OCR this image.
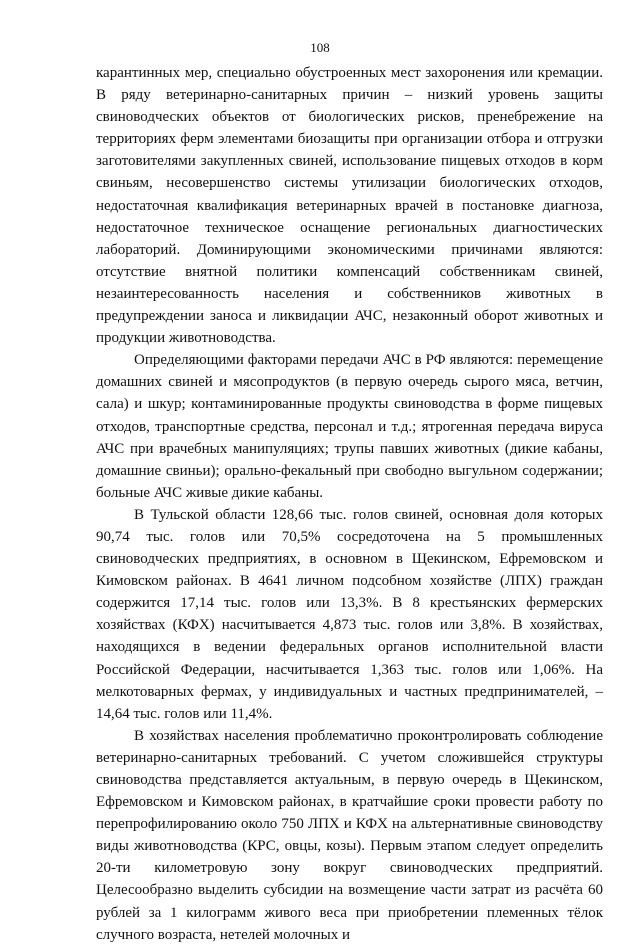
108

карантинных мер, специально обустроенных мест захоронения или кремации. В ряду ветеринарно-санитарных причин – низкий уровень защиты свиноводческих объектов от биологических рисков, пренебрежение на территориях ферм элементами биозащиты при организации отбора и отгрузки заготовителями закупленных свиней, использование пищевых отходов в корм свиньям, несовершенство системы утилизации биологических отходов, недостаточная квалификация ветеринарных врачей в постановке диагноза, недостаточное техническое оснащение региональных диагностических лабораторий. Доминирующими экономическими причинами являются: отсутствие внятной политики компенсаций собственникам свиней, незаинтересованность населения и собственников животных в предупреждении заноса и ликвидации АЧС, незаконный оборот животных и продукции животноводства.

Определяющими факторами передачи АЧС в РФ являются: перемещение домашних свиней и мясопродуктов (в первую очередь сырого мяса, ветчин, сала) и шкур; контаминированные продукты свиноводства в форме пищевых отходов, транспортные средства, персонал и т.д.; ятрогенная передача вируса АЧС при врачебных манипуляциях; трупы павших животных (дикие кабаны, домашние свиньи); орально-фекальный при свободно выгульном содержании; больные АЧС живые дикие кабаны.

В Тульской области 128,66 тыс. голов свиней, основная доля которых 90,74 тыс. голов или 70,5% сосредоточена на 5 промышленных свиноводческих предприятиях, в основном в Щекинском, Ефремовском и Кимовском районах. В 4641 личном подсобном хозяйстве (ЛПХ) граждан содержится 17,14 тыс. голов или 13,3%. В 8 крестьянских фермерских хозяйствах (КФХ) насчитывается 4,873 тыс. голов или 3,8%. В хозяйствах, находящихся в ведении федеральных органов исполнительной власти Российской Федерации, насчитывается 1,363 тыс. голов или 1,06%. На мелкотоварных фермах, у индивидуальных и частных предпринимателей, – 14,64 тыс. голов или 11,4%.

В хозяйствах населения проблематично проконтролировать соблюдение ветеринарно-санитарных требований. С учетом сложившейся структуры свиноводства представляется актуальным, в первую очередь в Щекинском, Ефремовском и Кимовском районах, в кратчайшие сроки провести работу по перепрофилированию около 750 ЛПХ и КФХ на альтернативные свиноводству виды животноводства (КРС, овцы, козы). Первым этапом следует определить 20-ти километровую зону вокруг свиноводческих предприятий. Целесообразно выделить субсидии на возмещение части затрат из расчёта 60 рублей за 1 килограмм живого веса при приобретении племенных тёлок случного возраста, нетелей молочных и
